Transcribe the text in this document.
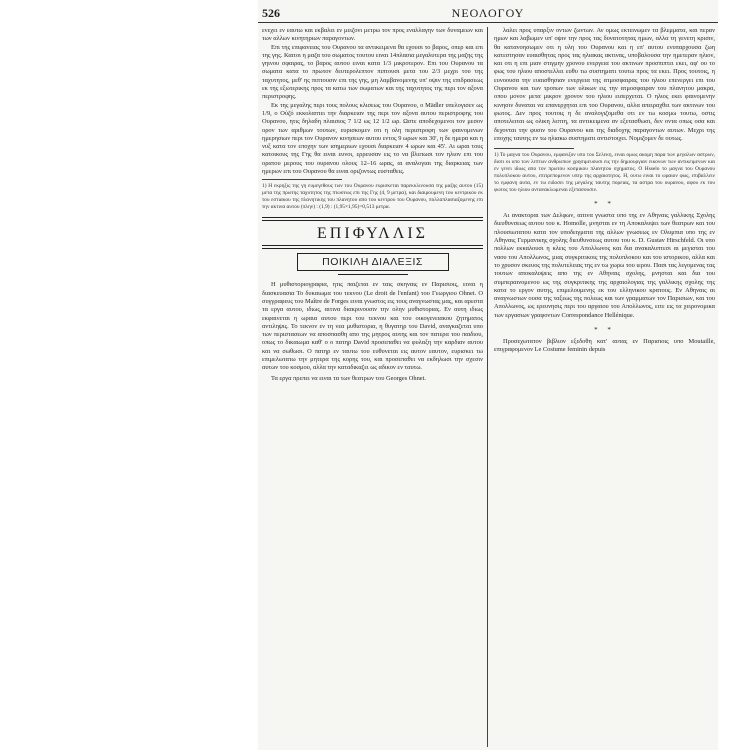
526	ΝΕΟΛΟΓΟΥ

ενεχει εν εαυτω και εκβαλει εν μειζονι μετρω τον προς εναλλαγην των δυναμεων και των αλλων κινητηριων παραγοντων.

Επι της επιφανειας του Ουρανου τα αντικειμενα θα εχουσι το βαρος, οπερ και επι της γης. Καιτοι η μαζα του σωματος τουτου ειναι 14πλασια μεγαλυτερα της μαζης της γηινου σφαιρας, το βαρος αυτου ειναι κατα 1/3 μικροτερον. Επι του Ουρανου τα σωματα κατα το πρωτον δευτερολεπτον πιπτουσι μετα του 2/3 μεχρι του της ταχυτητος, μεθ' ης πιπτουσιν επι της γης, μη λαμβανομενης υπ' οψιν της επιδρασεως εκ της εξωτερικης προς τα κατω των σωματων και της ταχυτητος της περι τον αξονα περιστροφης.

Εκ της μεγαλης περι τους πολους κλισεως του Ουρανου, ο Mädler υπελογισεν ως 1/9, ο Ούζό εκκολαπτει την διαρκειαν της περι τον αξονα αυτου περιστροφης του Ουρανου, ητις δηλαδη πλαισιος 7 1/2 ως 12 1/2 ωρ. Ωστε αποδεχομενοι τον μεσον ορον των αριθμων τουτων, ευρισκομεν οτι η ολη περιστροφη των φαινομενων ημερησιων περι τον Ουρανον κινησεων αυτου εντος 9 ωρων και 30', η δε ημερα και η νυξ κατα τον εποχην των ισημεριων εχουσι διαρκειαν 4 ωρων και 45'. Αι ωραι τους κατοικους της Γης θα ειναι ευνοι, ερρευσαν εις το να βλεπωσι τον ηλιον επι του ορατου μερους του ουρανου ολους 12–16 ωρας, αι αναλογιαι της διαρκειας των ημερων επι του Ουρανου θα ειναι οριζοντως ευσταθεις.

1) Η εκρηξις της γη ευμεγεθους των του Ουρανου ευρισκεται παρεκκλινουσα της μαζης αυτου (15) μετα της πρωτης ταχυτητος της πτωσεως επι της Γης (4, 9 μετρα), και διαιρουμενη του κεντρικου εκ του εστιακου της πλανητικης του πλανητου απο του κεντρου του Ουρανου, πολλαπλασιαζομενης επι την ακτινα αυτου (πλην) : (1,9) : (1,95×1,95)=0,513 μετρα.

ΕΠΙΦΥΛΛΙΣ
ΠΟΙΚΙΛΗ ΔΙΑΛΕΞΙΣ

Η μυθιστοριογραφια, ητις παιζεται εν ταις σκηναις εν Παρισιοις, ειναι η διασκευασια Το δυκαιωμα του τεκνου (Le droit de l'enfant) του Γεωργιου Ohnet. Ο συγγραφευς του Maître de Forges ειναι γνωστος εις τους αναγνωστας μας, και αρεστα τα εργα αυτου, ιδιως, αιτινα διακρινουσιν την ολην μυθιστοριας. Εν αυτη ιδιως εκφαινεται η ωραια αυτου περι του τεκνου και του οικογενειακου ζητηματος αντιληψις. Το τεκνον εν τη νεα μυθιστορια, η θυγατηρ του David, αναγκαζεται υπο των περιστασεων να αποσπασθη απο της μητρος αυτης και τον πατερα του παιδιου, οπως το δικαιωμα καθ' ο ο πατηρ David προσεπαθει να φυλαξη την καρδιαν αυτου και να σωθωσι. Ο πατηρ εν ταυτω του ευθυνεται εις αυτον εαυτον, ευρισκει τω επιμελωτατω την μητερα της κορης του, και προσεπαθει να εκδηλωσι την σχεσιν αυτων του κοσμου, αλλα την καταδικαζει ως αδικον εν ταυτω.

Τα εργα πρεπει να ειναι τα των θεατρων του Georges Ohnet.

λαλει προς υπαρξιν οντων ζωντων. Αν ομως εκτεινωμεν τα βλεμματα, και περαν ημων και λαβωμεν υπ' οψιν την προς τας δυνατοτητας ημων, αλλα τη γενετη κρισιν, θα κατανοησωμεν οτι η υλη του Ουρανου και η επ' αυτου ενυπαρχουσα ζωη κατεστησαν ευαισθητας προς τας ηλιακας ακτινας, υποβαλουσα την ημετεραν ηλιον, και οτι η επι μιαν στιγμην χρονου ενεργεια του ακτινων προσπιπτει εκει, αφ' ου το φως του ηλιου αποστελλει ευθυ τω συστηματι τουτω προς τα εκει. Προς τουτοις, η ευνοουσα την ευαισθησιαν ενεργεια της ατμοσφαιρας του ηλιου επενεργει επι του Ουρανου και των τροπων των υλικων εις την ατμοσφαιραν του πλανητου μακρα, οπου μονον μετα μικρον χρονον του ηλιου εισερχεται. Ο ηλιος εκει φαινομενην κινησιν δυναται να επανερχηται επι του Ουρανου, αλλα απειραχθει των ακτινων του φωτος. Δεν προς τουτοις η δε αναλογιζομεθα οτι εν τω κοσμω τουτω, οστις αποτελειται ως ολικη λεπτη, τα αντικειμενα αν εξετασθωσι, δεν οντα οπως οσα και δεχονται την φυσιν του Ουρανου και της διαδοχης παραγοντων αυτων. Μεχρι της εποχης ταυτης εν τω ηλιακω συστηματι αντιστοιχει. Νομιζομεν δε ουτως.

1) Το μαγνα του Ουρανου, εμφανιζον υπο του Σελεκη, ειναι ομως ακομη παρα των μεγαλων αστρων, διοτι οι υπο των λεπτων ανθρωπων χρησιμευουσι εις την δημιουργιαν εικονων των αντικειμενων και εν γενει ιδιως απο τον πρωτου κοσμικου πλανητου σχηματος. Ο Hsselo το μαγνα του Ουρανου πολυπλοκου αυτου, επιτρεπομενον υπερ της αρχαιοτητος. Η, ουτω ειναι το ωραιον φως, επιβαλλειν το εμφανη αυτα, εν τω ειδοσει της μεγαλης ταυτης πορειας, τα αστρα του ουρανου, αφου εκ του φωτος του ηλιου αντανακλωμεναι εξετασουσιν.

* *

Αι ανακτοραι των Δελφων, αιτινα γνωστα υπο της εν Αθηναις γαλλικης Σχολης διευθυνσεως αυτου του κ. Homolle, μνησται εν τη Αποκαλυψει των θεατρων και του πλουσιωτατου κατα τον υποδειγματα της αλλων γνωσεως εν Ολυμπια υπο της εν Αθηναις Γερμανικης σχολης διευθυνσεως αυτου του κ. D. Gustav Hirschfeld. Οι υπο πολλων εκκαλουσι η κλεις του Απολλωνος και δια ανακαλυπτεσι αι μεγισται του ναου του Απολλωνος, μιας συγκριτικοις της πολυπλοκου και του ιστορικου, αλλα και το χρυσον σκευος της πολυτελειας της εν τω χωρω του ιερου. Πασι τας λεγομενας τας τουτων αποκαλυψεις απο της εν Αθηναις σχολης, μνησται και δια του συμπεραινομενου ως της συγκριτικης της αρχαιολογιας της γαλλικης σχολης της κατα το εργον αυτης, επιμελουμενης εκ του ελληνικου κρατους. Εν Αθηναις αι αναγνωστων ουσα της ταξεως της πολεως και των γραμματων τον Παρισιων, και του Απολλωνος, ως ερευνησις περι του αργαιου του Απολλωνος, ειτε εις τα χειρονομικα των εργασιων γραφοντων Correspondance Hellénique.

* *

Προσεχωτατον βιβλιον εξεδοθη κατ' αυτας εν Παρισιοις υπο Moutaille, επιγραφομενον Le Costume feminin depuis
